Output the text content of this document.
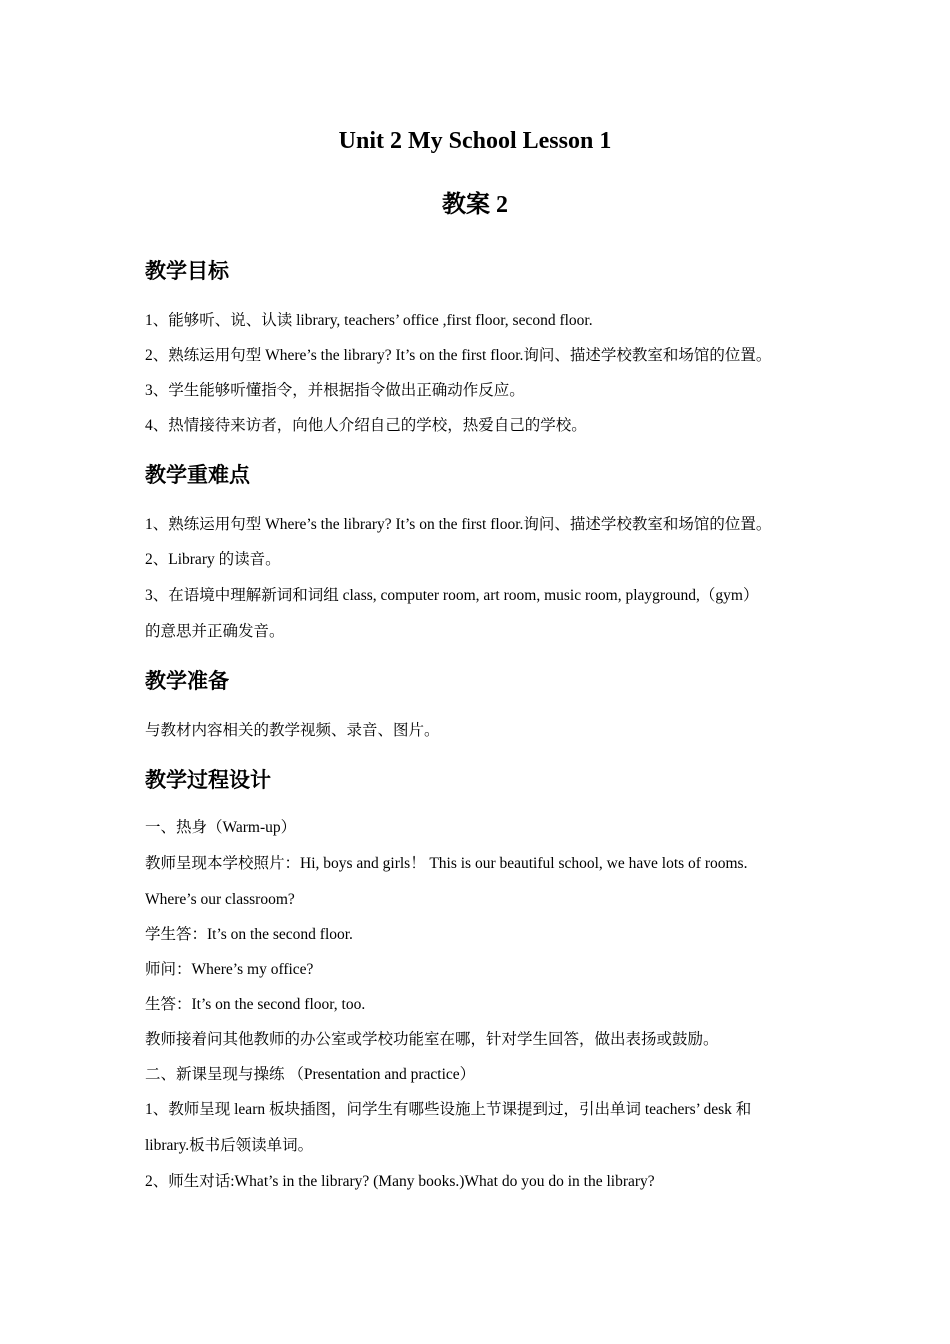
Unit 2 My School Lesson 1
教案 2
教学目标
1、能够听、说、认读 library, teachers’ office ,first floor, second floor.
2、熟练运用句型 Where’s the library? It’s on the first floor.询问、描述学校教室和场馆的位置。
3、学生能够听懂指令，并根据指令做出正确动作反应。
4、热情接待来访者，向他人介绍自己的学校，热爱自己的学校。
教学重难点
1、熟练运用句型 Where’s the library? It’s on the first floor.询问、描述学校教室和场馆的位置。
2、Library 的读音。
3、在语境中理解新词和词组 class, computer room, art room, music room, playground,（gym）
的意思并正确发音。
教学准备
与教材内容相关的教学视频、录音、图片。
教学过程设计
一、热身（Warm-up）
教师呈现本学校照片：Hi, boys and girls！ This is our beautiful school, we have lots of rooms.
Where’s our classroom?
学生答：It’s on the second floor.
师问：Where’s my office?
生答：It’s on the second floor, too.
教师接着问其他教师的办公室或学校功能室在哪，针对学生回答，做出表扬或鼓励。
二、新课呈现与操练 （Presentation and practice）
1、教师呈现 learn 板块插图，问学生有哪些设施上节课提到过，引出单词 teachers’ desk 和
library.板书后领读单词。
2、师生对话:What’s in the library? (Many books.)What do you do in the library?
